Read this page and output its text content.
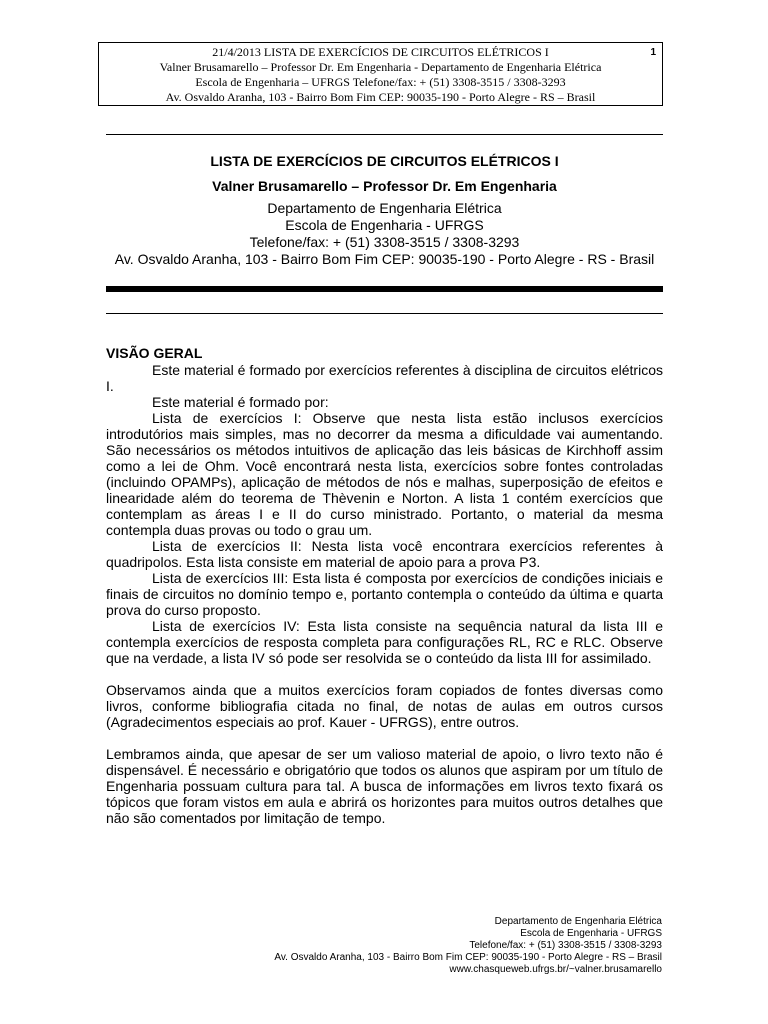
1
21/4/2013 LISTA DE EXERCÍCIOS DE CIRCUITOS ELÉTRICOS I
Valner Brusamarello – Professor Dr. Em Engenharia - Departamento de Engenharia Elétrica
Escola de Engenharia – UFRGS Telefone/fax: + (51) 3308-3515 / 3308-3293
Av. Osvaldo Aranha, 103 - Bairro Bom Fim CEP: 90035-190 - Porto Alegre - RS – Brasil
LISTA DE EXERCÍCIOS DE CIRCUITOS ELÉTRICOS I
Valner Brusamarello – Professor Dr. Em Engenharia
Departamento de Engenharia Elétrica
Escola de Engenharia - UFRGS
Telefone/fax: + (51) 3308-3515 / 3308-3293
Av. Osvaldo Aranha, 103 - Bairro Bom Fim CEP: 90035-190 - Porto Alegre - RS - Brasil
VISÃO GERAL

Este material é formado por exercícios referentes à disciplina de circuitos elétricos I.

Este material é formado por:

Lista de exercícios I: Observe que nesta lista estão inclusos exercícios introdutórios mais simples, mas no decorrer da mesma a dificuldade vai aumentando. São necessários os métodos intuitivos de aplicação das leis básicas de Kirchhoff assim como a lei de Ohm. Você encontrará nesta lista, exercícios sobre fontes controladas (incluindo OPAMPs), aplicação de métodos de nós e malhas, superposição de efeitos e linearidade além do teorema de Thèvenin e Norton. A lista 1 contém exercícios que contemplam as áreas I e II do curso ministrado. Portanto, o material da mesma contempla duas provas ou todo o grau um.

Lista de exercícios II: Nesta lista você encontrara exercícios referentes à quadripolos. Esta lista consiste em material de apoio para a prova P3.

Lista de exercícios III: Esta lista é composta por exercícios de condições iniciais e finais de circuitos no domínio tempo e, portanto contempla o conteúdo da última e quarta prova do curso proposto.

Lista de exercícios IV: Esta lista consiste na sequência natural da lista III e contempla exercícios de resposta completa para configurações RL, RC e RLC. Observe que na verdade, a lista IV só pode ser resolvida se o conteúdo da lista III for assimilado.

Observamos ainda que a muitos exercícios foram copiados de fontes diversas como livros, conforme bibliografia citada no final, de notas de aulas em outros cursos (Agradecimentos especiais ao prof. Kauer - UFRGS), entre outros.

Lembramos ainda, que apesar de ser um valioso material de apoio, o livro texto não é dispensável. É necessário e obrigatório que todos os alunos que aspiram por um título de Engenharia possuam cultura para tal. A busca de informações em livros texto fixará os tópicos que foram vistos em aula e abrirá os horizontes para muitos outros detalhes que não são comentados por limitação de tempo.

Departamento de Engenharia Elétrica
Escola de Engenharia - UFRGS
Telefone/fax: + (51) 3308-3515 / 3308-3293
Av. Osvaldo Aranha, 103 - Bairro Bom Fim CEP: 90035-190 - Porto Alegre - RS – Brasil
www.chasqueweb.ufrgs.br/~valner.brusamarello
